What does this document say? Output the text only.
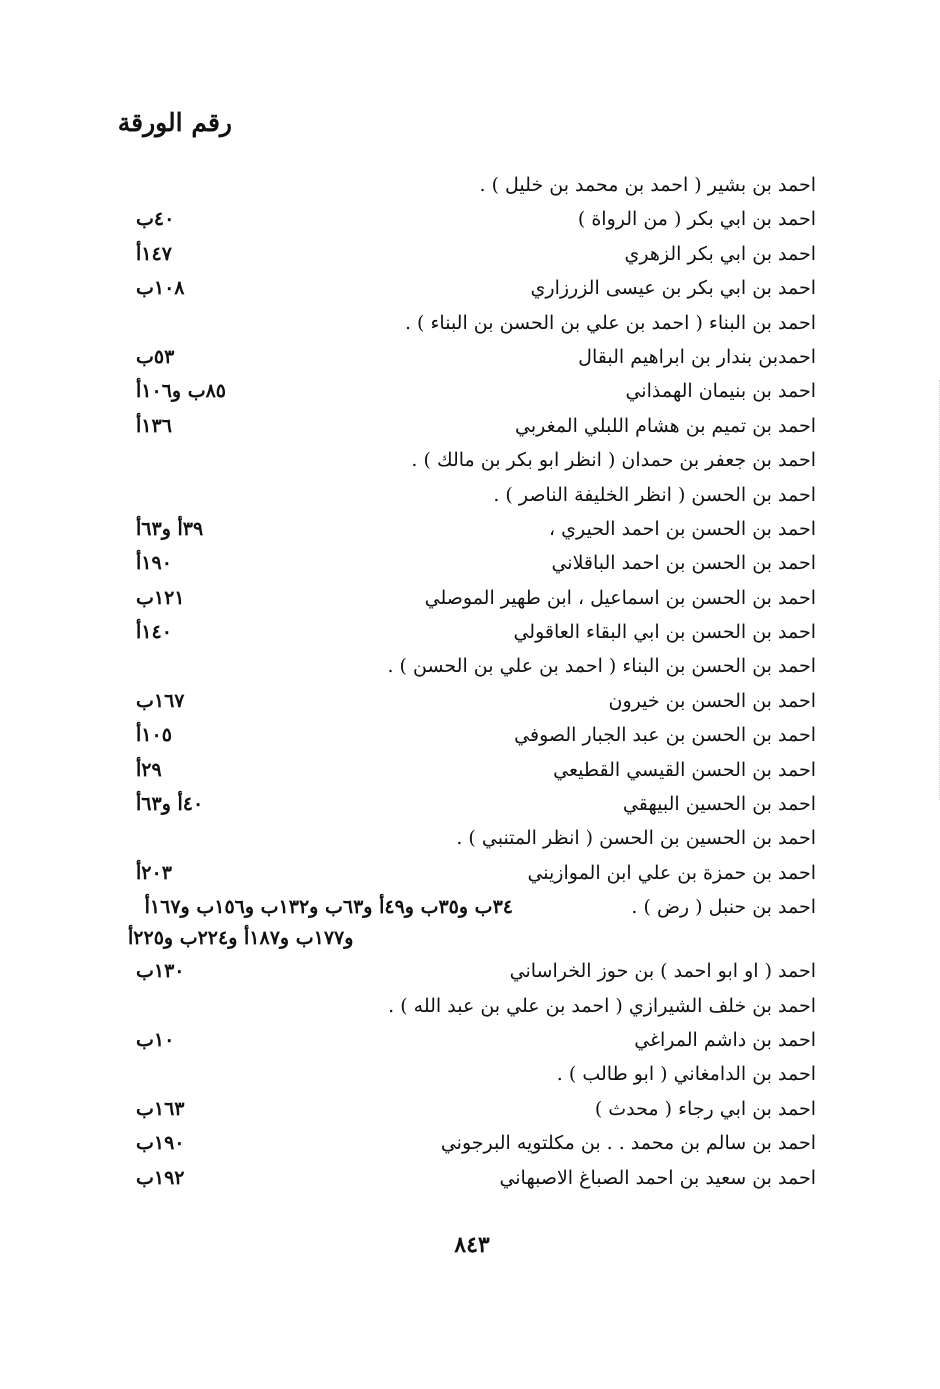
رقم الورقة
احمد بن بشير ( احمد بن محمد بن خليل ) .
احمد بن ابي بكر ( من الرواة )
٤٠ب
احمد بن ابي بكر الزهري
١٤٧أ
احمد بن ابي بكر بن عيسى الزرزاري
١٠٨ب
احمد بن البناء ( احمد بن علي بن الحسن بن البناء ) .
احمدبن بندار بن ابراهيم البقال
٥٣ب
احمد بن بنيمان الهمذاني
٨٥ب و١٠٦أ
احمد بن تميم بن هشام اللبلي المغربي
١٣٦أ
احمد بن جعفر بن حمدان ( انظر ابو بكر بن مالك ) .
احمد بن الحسن ( انظر الخليفة الناصر ) .
احمد بن الحسن بن احمد الحيري ،
٣٩أ و٦٣أ
احمد بن الحسن بن احمد الباقلاني
١٩٠أ
احمد بن الحسن بن اسماعيل ، ابن طهير الموصلي
١٢١ب
احمد بن الحسن بن ابي البقاء العاقولي
١٤٠أ
احمد بن الحسن بن البناء ( احمد بن علي بن الحسن ) .
احمد بن الحسن بن خيرون
١٦٧ب
احمد بن الحسن بن عبد الجبار الصوفي
١٠٥أ
احمد بن الحسن القيسي القطيعي
٢٩أ
احمد بن الحسين البيهقي
٤٠أ و٦٣أ
احمد بن الحسين بن الحسن ( انظر المتنبي ) .
احمد بن حمزة بن علي ابن الموازيني
٢٠٣أ
احمد بن حنبل ( رض ) .
٣٤ب و٣٥ب و٤٩أ و٦٣ب و١٣٢ب و١٥٦ب و١٦٧أ
و١٧٧ب و١٨٧أ و٢٢٤ب و٢٢٥أ
احمد ( او ابو احمد ) بن حوز الخراساني
١٣٠ب
احمد بن خلف الشيرازي ( احمد بن علي بن عبد الله ) .
احمد بن داشم المراغي
١٠ب
احمد بن الدامغاني ( ابو طالب ) .
احمد بن ابي رجاء ( محدث )
١٦٣ب
احمد بن سالم بن محمد . . بن مكلتويه البرجوني
١٩٠ب
احمد بن سعيد بن احمد الصباغ الاصبهاني
١٩٢ب
٨٤٣
